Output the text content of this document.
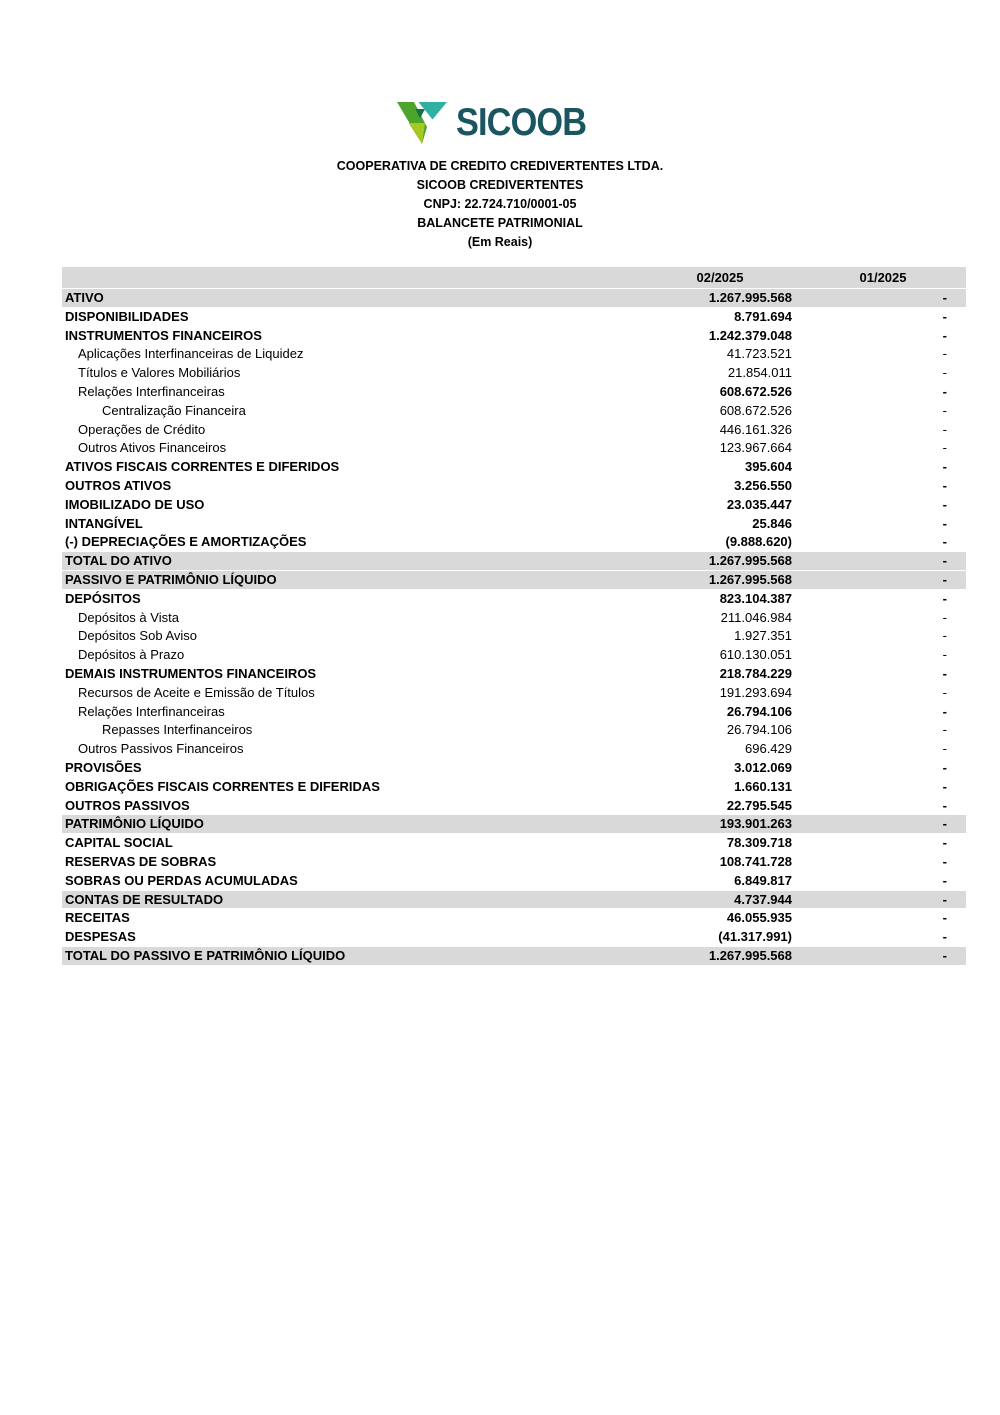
SICOOB
COOPERATIVA DE CREDITO CREDIVERTENTES LTDA.
SICOOB CREDIVERTENTES
CNPJ: 22.724.710/0001-05
BALANCETE PATRIMONIAL
(Em Reais)
02/2025	01/2025
ATIVO	1.267.995.568	-
DISPONIBILIDADES	8.791.694	-
INSTRUMENTOS FINANCEIROS	1.242.379.048	-
Aplicações Interfinanceiras de Liquidez	41.723.521	-
Títulos e Valores Mobiliários	21.854.011	-
Relações Interfinanceiras	608.672.526	-
Centralização Financeira	608.672.526	-
Operações de Crédito	446.161.326	-
Outros Ativos Financeiros	123.967.664	-
ATIVOS FISCAIS CORRENTES E DIFERIDOS	395.604	-
OUTROS ATIVOS	3.256.550	-
IMOBILIZADO DE USO	23.035.447	-
INTANGÍVEL	25.846	-
(-) DEPRECIAÇÕES E AMORTIZAÇÕES	(9.888.620)	-
TOTAL DO ATIVO	1.267.995.568	-
PASSIVO E PATRIMÔNIO LÍQUIDO	1.267.995.568	-
DEPÓSITOS	823.104.387	-
Depósitos à Vista	211.046.984	-
Depósitos Sob Aviso	1.927.351	-
Depósitos à Prazo	610.130.051	-
DEMAIS INSTRUMENTOS FINANCEIROS	218.784.229	-
Recursos de Aceite e Emissão de Títulos	191.293.694	-
Relações Interfinanceiras	26.794.106	-
Repasses Interfinanceiros	26.794.106	-
Outros Passivos Financeiros	696.429	-
PROVISÕES	3.012.069	-
OBRIGAÇÕES FISCAIS CORRENTES E DIFERIDAS	1.660.131	-
OUTROS PASSIVOS	22.795.545	-
PATRIMÔNIO LÍQUIDO	193.901.263	-
CAPITAL SOCIAL	78.309.718	-
RESERVAS DE SOBRAS	108.741.728	-
SOBRAS OU PERDAS ACUMULADAS	6.849.817	-
CONTAS DE RESULTADO	4.737.944	-
RECEITAS	46.055.935	-
DESPESAS	(41.317.991)	-
TOTAL DO PASSIVO E PATRIMÔNIO LÍQUIDO	1.267.995.568	-
